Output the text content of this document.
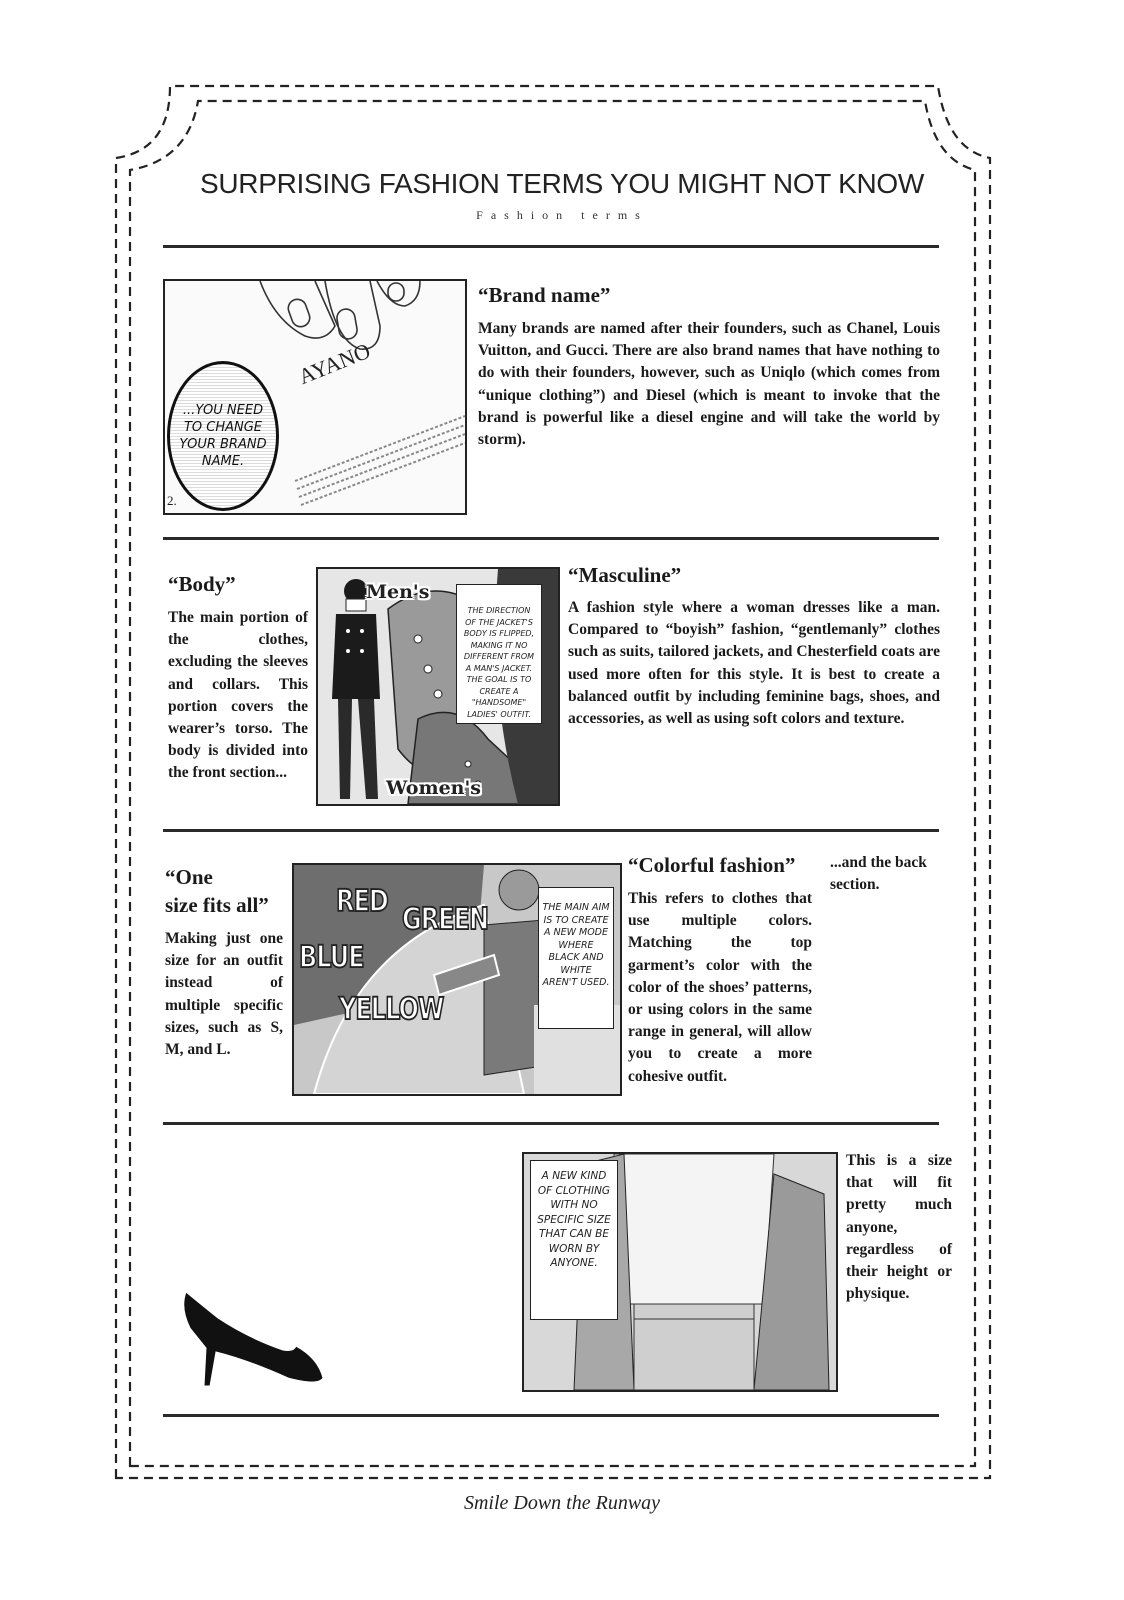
SURPRISING FASHION TERMS YOU MIGHT NOT KNOW
Fashion terms
AYANO
...YOU NEED TO CHANGE YOUR BRAND NAME.
2.
“Brand name”
Many brands are named after their founders, such as Chanel, Louis Vuitton, and Gucci. There are also brand names that have nothing to do with their founders, however, such as Uniqlo (which comes from “unique clothing”) and Diesel (which is meant to invoke that the brand is powerful like a diesel engine and will take the world by storm).
“Body”
The main portion of the clothes, excluding the sleeves and collars. This portion covers the wearer’s torso. The body is divided into the front section...
Men's
Women's
THE DIRECTION OF THE JACKET'S BODY IS FLIPPED, MAKING IT NO DIFFERENT FROM A MAN'S JACKET. THE GOAL IS TO CREATE A "HANDSOME" LADIES' OUTFIT.
“Masculine”
A fashion style where a woman dresses like a man. Compared to “boyish” fashion, “gentlemanly” clothes such as suits, tailored jackets, and Chesterfield coats are used more often for this style. It is best to create a balanced outfit by including feminine bags, shoes, and accessories, as well as using soft colors and texture.
“One
size fits all”
Making just one size for an outfit instead of multiple specific sizes, such as S, M, and L.
RED
GREEN
BLUE
YELLOW
THE MAIN AIM IS TO CREATE A NEW MODE WHERE BLACK AND WHITE AREN'T USED.
“Colorful fashion”
This refers to clothes that use multiple colors. Matching the top garment’s color with the color of the shoes’ patterns, or using colors in the same range in general, will allow you to create a more cohesive outfit.
...and the back section.
A NEW KIND OF CLOTHING WITH NO SPECIFIC SIZE THAT CAN BE WORN BY ANYONE.
This is a size that will fit pretty much anyone, regardless of their height or physique.
Smile Down the Runway
